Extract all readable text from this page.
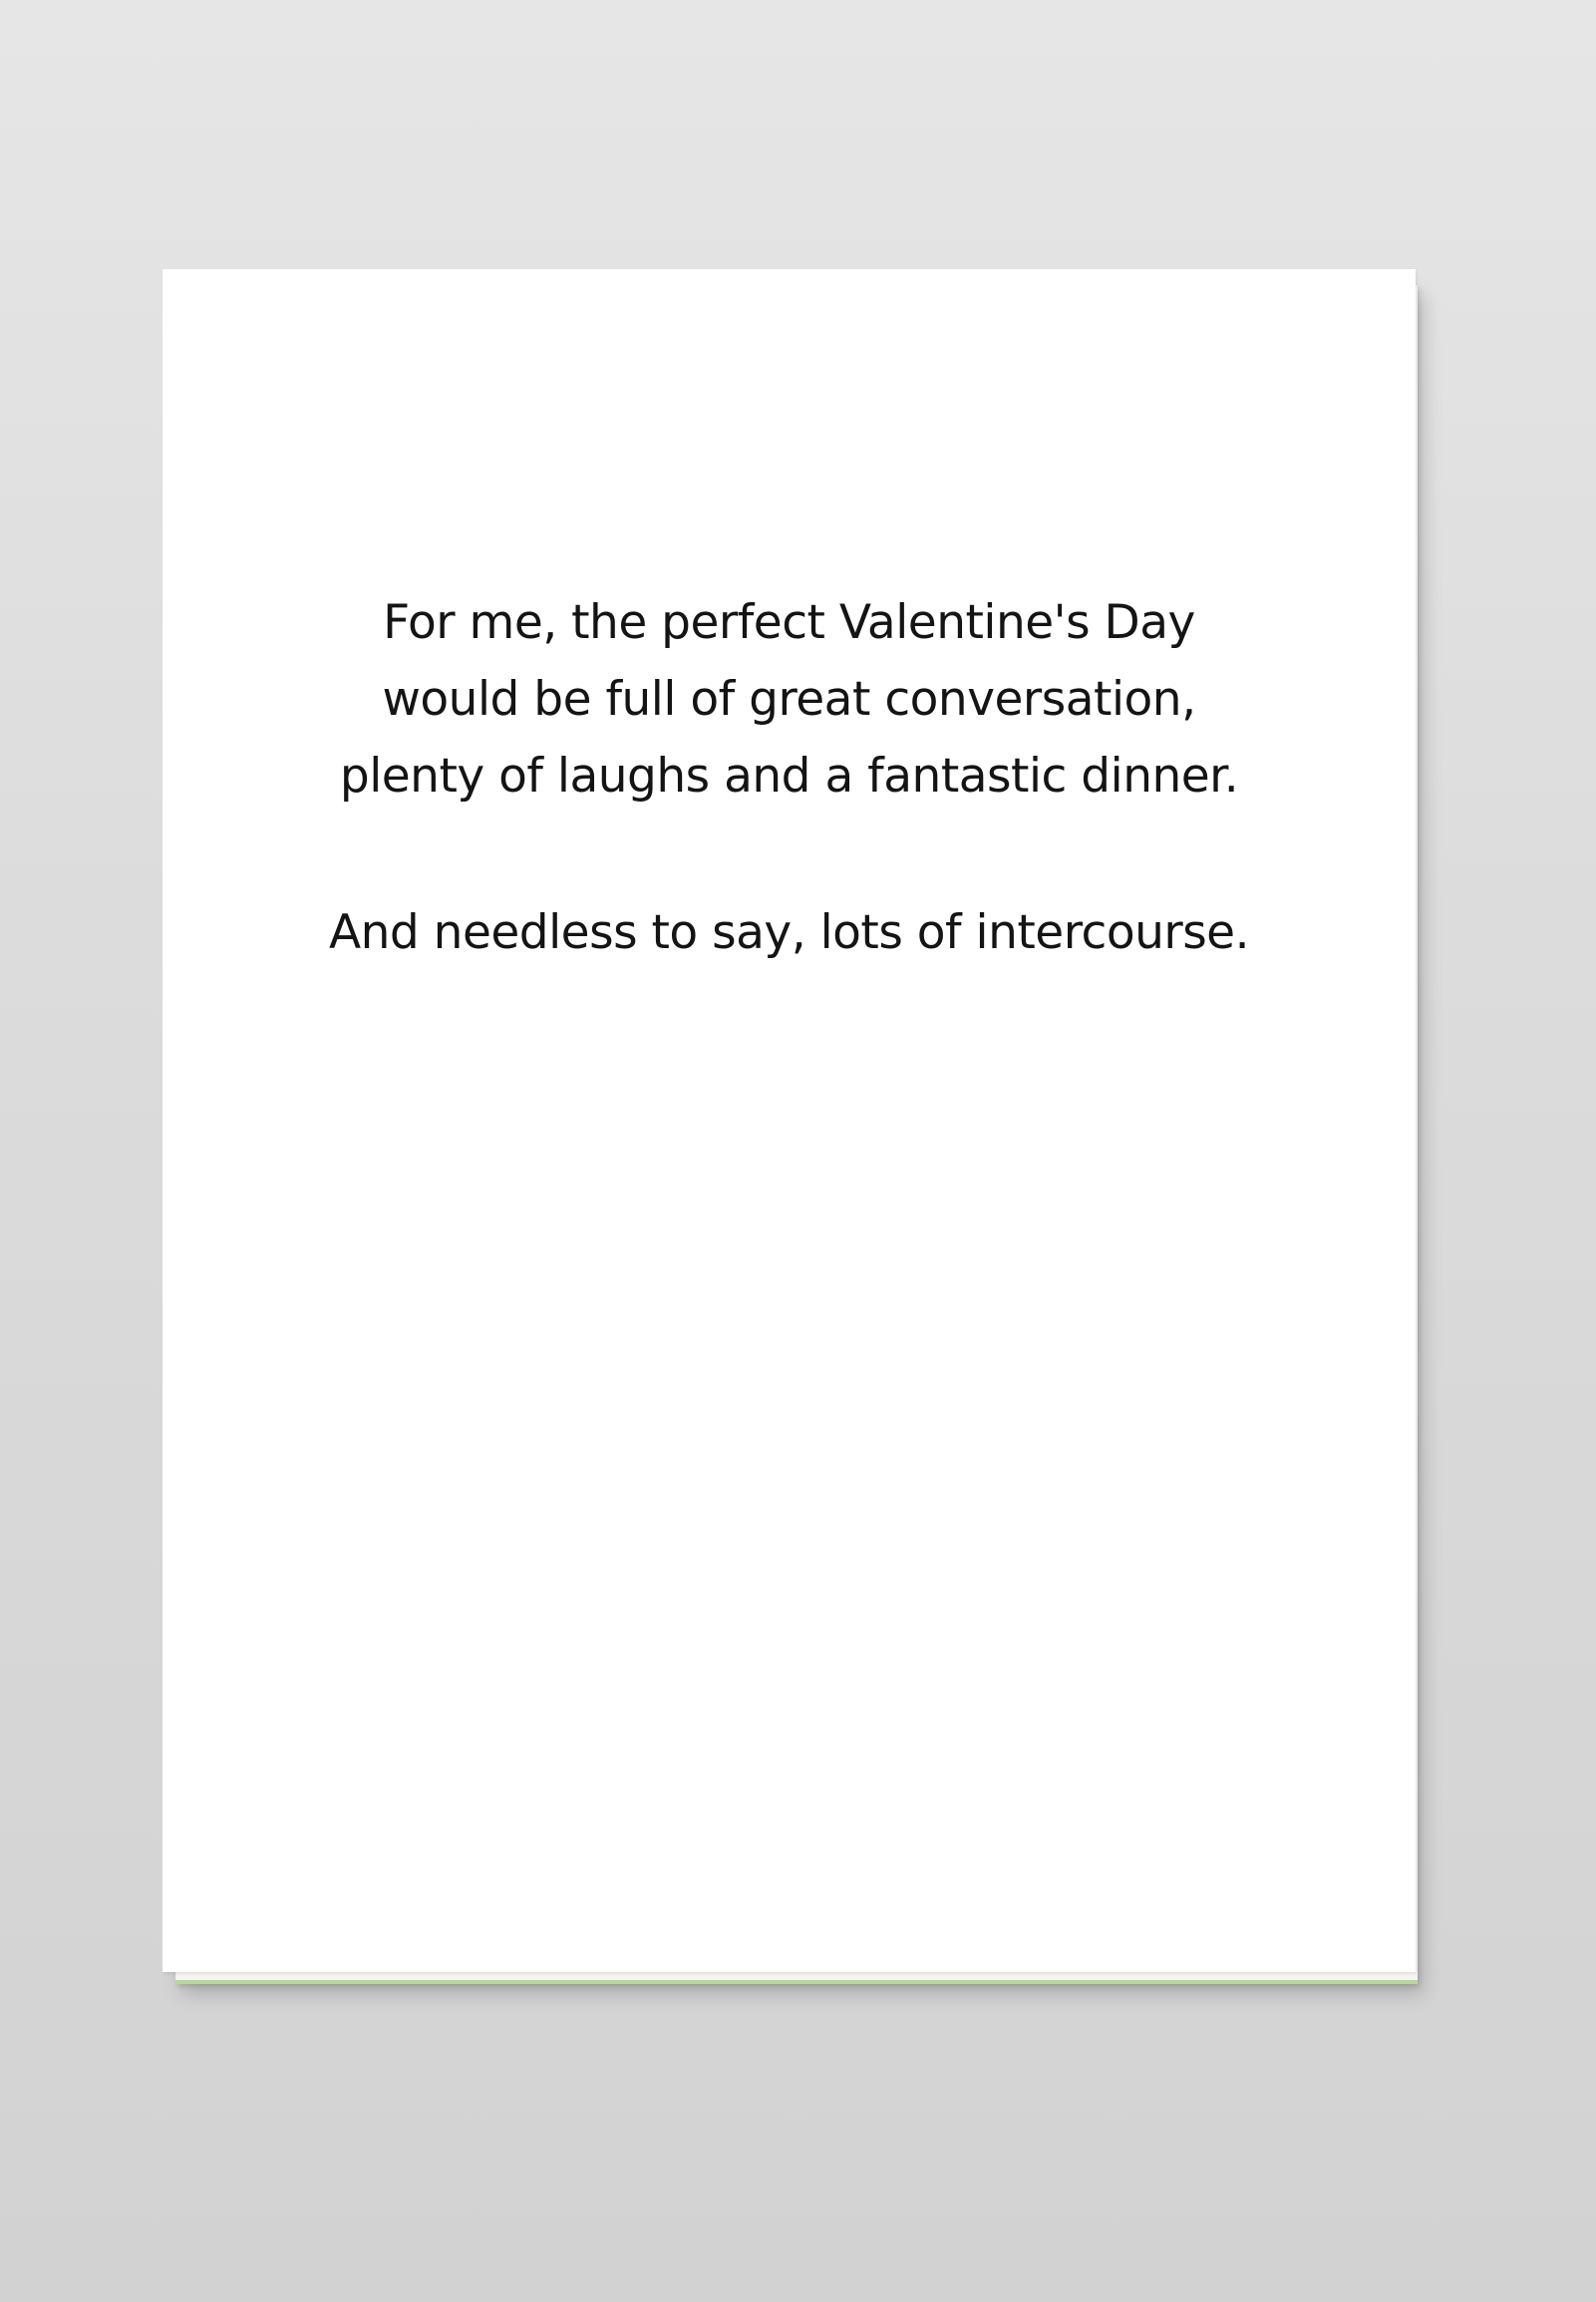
For me, the perfect Valentine's Day
would be full of great conversation,
plenty of laughs and a fantastic dinner.
And needless to say, lots of intercourse.
